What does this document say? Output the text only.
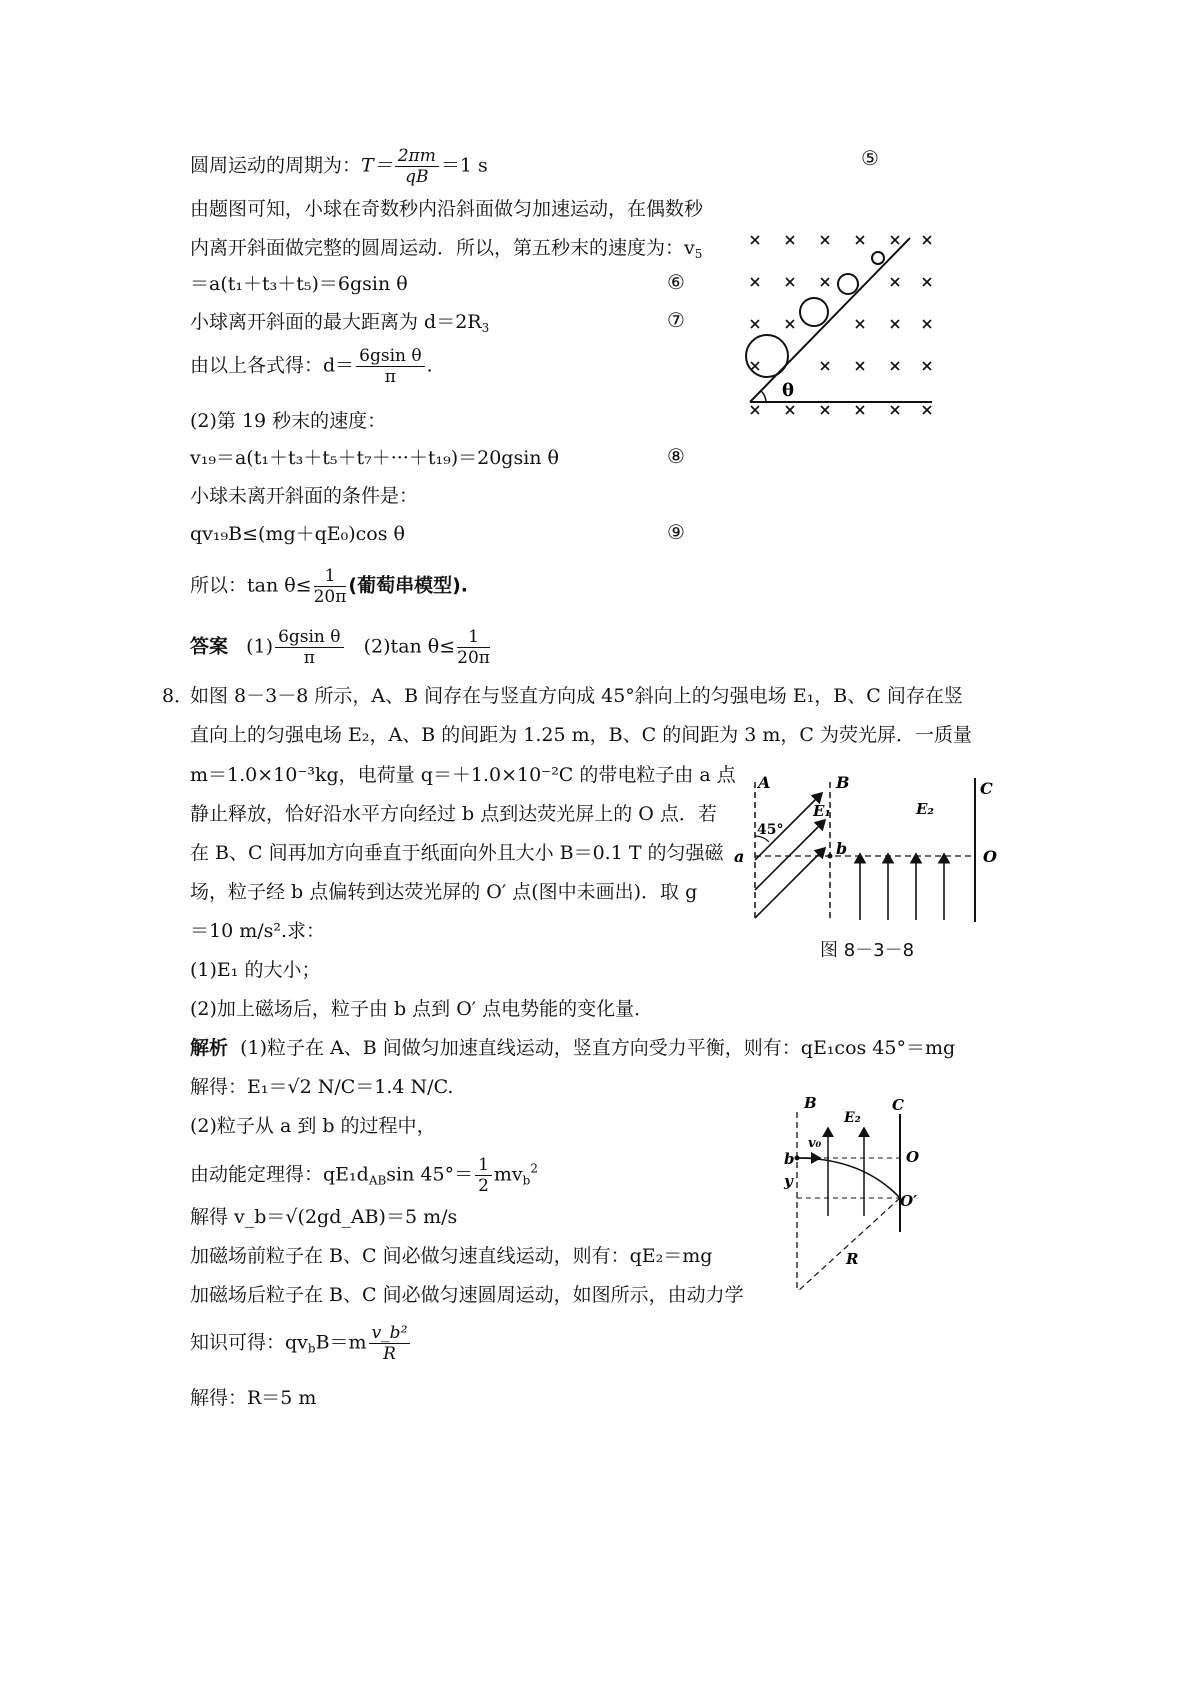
圆周运动的周期为：$T= \frac{2\pi m}{qB} =1$ s	⑤
由题图可知，小球在奇数秒内沿斜面做匀加速运动，在偶数秒
内离开斜面做完整的圆周运动．所以，第五秒末的速度为：$v_5$
＝a(t₁＋t₃＋t₅)＝6gsin θ	⑥
小球离开斜面的最大距离为 $d=2R_3$	⑦
由以上各式得：$d= \frac{\text{6gsin θ}}{\pi}$ .
(2)第 19 秒末的速度：
v₁₉＝a(t₁＋t₃＋t₅＋t₇＋···＋t₁₉)＝20gsin θ	⑧
小球未离开斜面的条件是：
qv₁₉B≤(mg＋qE₀)cos θ	⑨
所以：$\tan \theta\le \frac{1}{20\pi}$ (葡萄串模型).
答案 $(1) \frac{\text{6gsin θ}}{\pi} (2)\tan$ $\theta\le \frac{1}{20\pi}$
θ
8．
如图 8－3－8 所示，A、B 间存在与竖直方向成 45°斜向上的匀强电场 E₁，B、C 间存在竖
直向上的匀强电场 E₂，A、B 的间距为 1.25 m，B、C 的间距为 3 m，C 为荧光屏．一质量
m＝1.0×10⁻³kg，电荷量 q＝＋1.0×10⁻²C 的带电粒子由 a 点
静止释放，恰好沿水平方向经过 b 点到达荧光屏上的 O 点．若
在 B、C 间再加方向垂直于纸面向外且大小 B＝0.1 T 的匀强磁
场，粒子经 b 点偏转到达荧光屏的 O′ 点(图中未画出)．取 g
＝10 m/s².求：
(1)E₁ 的大小；
(2)加上磁场后，粒子由 b 点到 O′ 点电势能的变化量．
解析 (1)粒子在 A、B 间做匀加速直线运动，竖直方向受力平衡，则有：qE₁cos 45°＝mg
解得：E₁＝√2 N/C＝1.4 N/C.
(2)粒子从 a 到 b 的过程中，
由动能定理得：$qE_1d_{AB}\sin$ $45^\circ= \frac{1}{2} mv_b^2$
解得 v_b＝√(2gd_AB)＝5 m/s
加磁场前粒子在 B、C 间必做匀速直线运动，则有：qE₂＝mg
加磁场后粒子在 B、C 间必做匀速圆周运动，如图所示，由动力学
知识可得：$qv_bB=m \frac{\text{v\_b²}}{R}$
解得：R＝5 m
A	B	C
E₁	E₂
45°
a	b	O
图 8－3－8
B	C
E₂
v₀
b
y
O
O′
R
